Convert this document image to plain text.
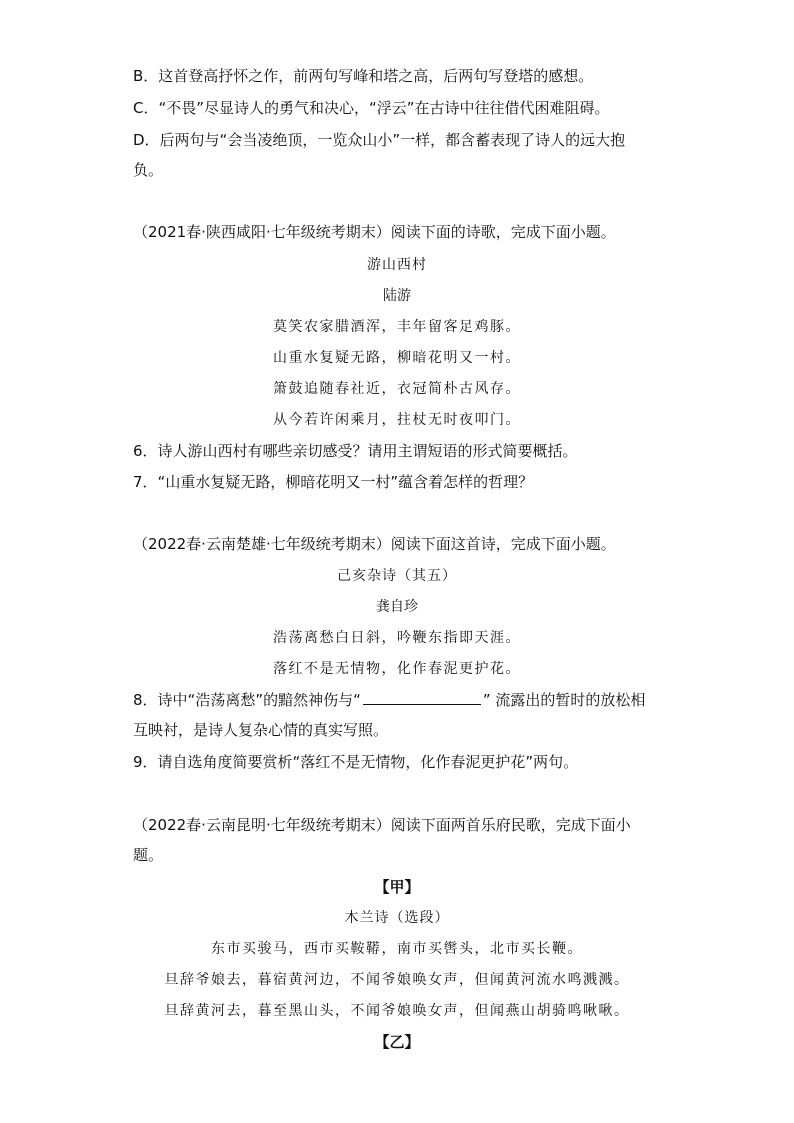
B．这首登高抒怀之作，前两句写峰和塔之高，后两句写登塔的感想。
C．“不畏”尽显诗人的勇气和决心，“浮云”在古诗中往往借代困难阻碍。
D．后两句与“会当凌绝顶，一览众山小”一样，都含蓄表现了诗人的远大抱
负。
（2021春·陕西咸阳·七年级统考期末）阅读下面的诗歌，完成下面小题。
游山西村
陆游
莫笑农家腊酒浑，丰年留客足鸡豚。
山重水复疑无路，柳暗花明又一村。
箫鼓追随春社近，衣冠简朴古风存。
从今若许闲乘月，拄杖无时夜叩门。
6．诗人游山西村有哪些亲切感受？请用主谓短语的形式简要概括。
7．“山重水复疑无路，柳暗花明又一村”蕴含着怎样的哲理？
（2022春·云南楚雄·七年级统考期末）阅读下面这首诗，完成下面小题。
己亥杂诗（其五）
龚自珍
浩荡离愁白日斜，吟鞭东指即天涯。
落红不是无情物，化作春泥更护花。
8．诗中“浩荡离愁”的黯然神伤与“	” 流露出的暂时的放松相
互映衬，是诗人复杂心情的真实写照。
9．请自选角度简要赏析“落红不是无情物，化作春泥更护花”两句。
（2022春·云南昆明·七年级统考期末）阅读下面两首乐府民歌，完成下面小
题。
【甲】
木兰诗（选段）
东市买骏马，西市买鞍鞯，南市买辔头，北市买长鞭。
旦辞爷娘去，暮宿黄河边，不闻爷娘唤女声，但闻黄河流水鸣溅溅。
旦辞黄河去，暮至黑山头，不闻爷娘唤女声，但闻燕山胡骑鸣啾啾。
【乙】
